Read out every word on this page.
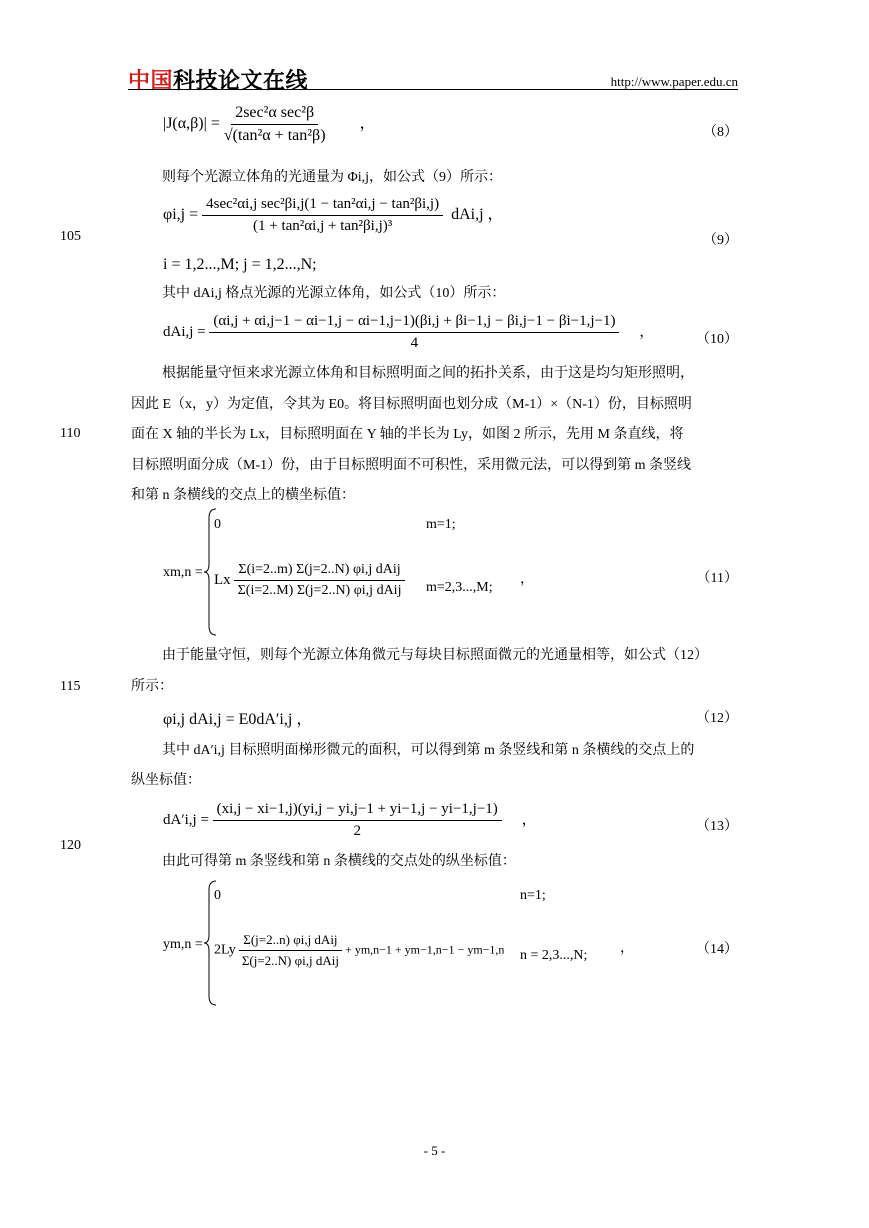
中国科技论文在线	http://www.paper.edu.cn
105
110
115
120
$|J(\alpha,\beta)| = \frac{\text{2sec²α sec²β}}{\text{√(tan²α + tan²β)}}$ ，
（8）
则每个光源立体角的光通量为 Φi,j，如公式（9）所示：
$\varphi i,j = \frac{\text{4sec²αi,j sec²βi,j(1 − tan²αi,j − tan²βi,j)}}{\text{(1 + tan²αi,j + tan²βi,j)³}} dAi,j$ ，
（9）
i = 1,2...,M; j = 1,2...,N;
其中 dAi,j 格点光源的光源立体角，如公式（10）所示：
dAi,j =
(αi,j + αi,j−1 − αi−1,j − αi−1,j−1)(βi,j + βi−1,j − βi,j−1 − βi−1,j−1)
4
，	（10）
根据能量守恒来求光源立体角和目标照明面之间的拓扑关系，由于这是均匀矩形照明，
因此 E（x，y）为定值，令其为 E0。将目标照明面也划分成（M-1）×（N-1）份，目标照明
面在 X 轴的半长为 Lx，目标照明面在 Y 轴的半长为 Ly，如图 2 所示，先用 M 条直线，将
目标照明面分成（M-1）份，由于目标照明面不可积性，采用微元法，可以得到第 m 条竖线
和第 n 条横线的交点上的横坐标值：
xm,n =
0	m=1;
Lx $\frac{\text{Σ(i=2..m) Σ(j=2..N) φi,j dAij}}{\text{Σ(i=2..M) Σ(j=2..N) φi,j dAij}} m=2,3...,M$;
，	（11）
由于能量守恒，则每个光源立体角微元与每块目标照面微元的光通量相等，如公式（12）
所示：
φi,j dAi,j = E0dA′i,j ，	（12）
其中 dA′i,j 目标照明面梯形微元的面积，可以得到第 m 条竖线和第 n 条横线的交点上的
纵坐标值：
$dA'i,j = \frac{(xi,j - xi-1,j)(yi,j - yi,j-1 + yi-1,j - yi-1,j-1)}{2}$ ，	（13）
由此可得第 m 条竖线和第 n 条横线的交点处的纵坐标值：
ym,n =
0	n=1;
$2Ly \frac{\text{Σ(j=2..n) φi,j dAij}}{\text{Σ(j=2..N) φi,j dAij}} + ym,n-1 + ym-1,n-1 - ym-1,n$ n = 2,3...,N; ，	（14）
- 5 -
